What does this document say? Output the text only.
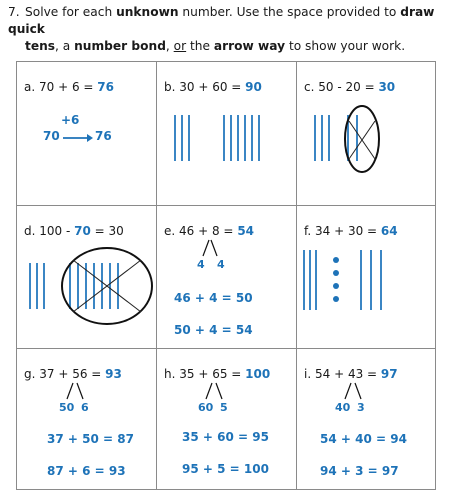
7. Solve for each unknown number. Use the space provided to draw quick
tens, a number bond, or the arrow way to show your work.
a. 70 + 6 = 76
+6
70	76
b. 30 + 60 = 90	c. 50 - 20 = 30
d. 100 - 70 = 30	e. 46 + 8 = 54
4 4
46 + 4 = 50
50 + 4 = 54
f. 34 + 30 = 64
g. 37 + 56 = 93
50 6
37 + 50 = 87
87 + 6 = 93
h. 35 + 65 = 100
60 5
35 + 60 = 95
95 + 5 = 100
i. 54 + 43 = 97
40 3
54 + 40 = 94
94 + 3 = 97
